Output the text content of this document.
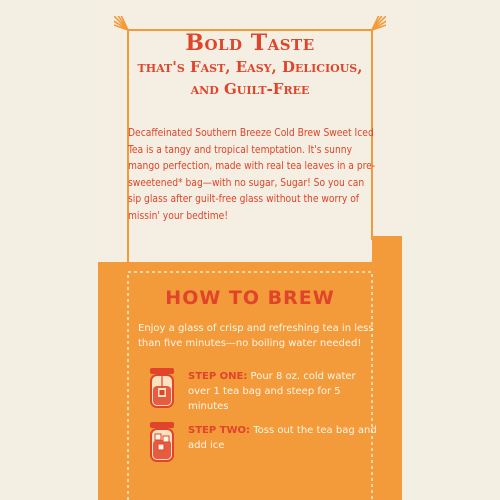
Bold Taste
that's Fast, Easy, Delicious,
and Guilt-Free
Decaffeinated Southern Breeze Cold Brew Sweet Iced Tea is a tangy and tropical temptation. It's sunny mango perfection, made with real tea leaves in a pre-sweetened* bag—with no sugar, Sugar! So you can sip glass after guilt-free glass without the worry of missin' your bedtime!
HOW TO BREW
Enjoy a glass of crisp and refreshing tea in less than five minutes—no boiling water needed!
STEP ONE: Pour 8 oz. cold water over 1 tea bag and steep for 5 minutes
STEP TWO: Toss out the tea bag and add ice
